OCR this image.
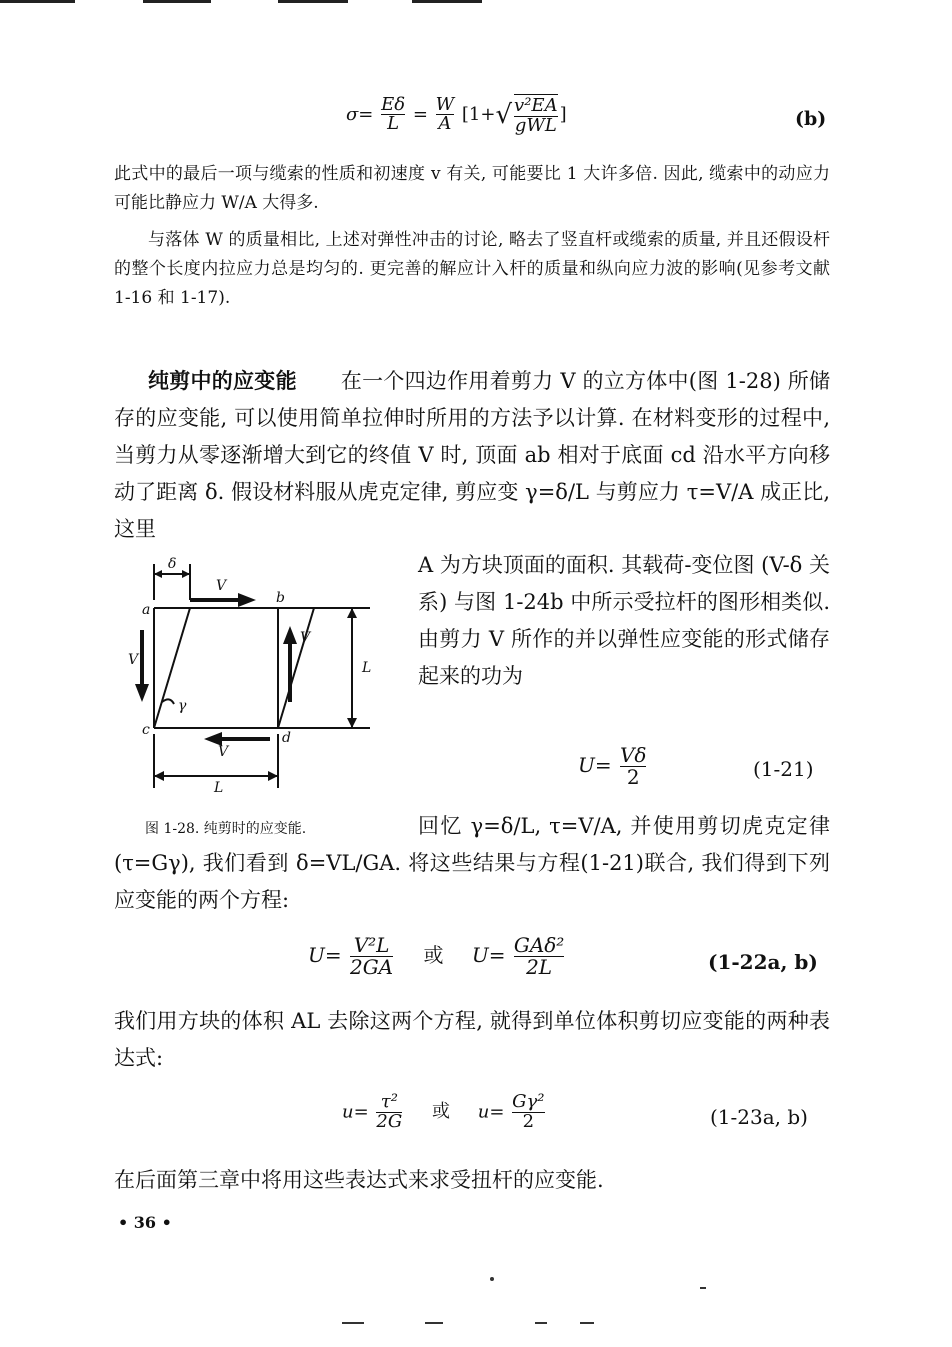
$\sigma= \frac{E\delta}{L} = \frac{W}{A} [1+√ \frac{\text{v²EA}}{\text{gWL}}$ ]	(b)

此式中的最后一项与缆索的性质和初速度 v 有关, 可能要比 1 大许多倍. 因此, 缆索中的动应力可能比静应力 W/A 大得多.

与落体 W 的质量相比, 上述对弹性冲击的讨论, 略去了竖直杆或缆索的质量, 并且还假设杆的整个长度内拉应力总是均匀的. 更完善的解应计入杆的质量和纵向应力波的影响(见参考文献 1-16 和 1-17).

纯剪中的应变能 在一个四边作用着剪力 V 的立方体中(图 1-28) 所储存的应变能, 可以使用简单拉伸时所用的方法予以计算. 在材料变形的过程中, 当剪力从零逐渐增大到它的终值 V 时, 顶面 ab 相对于底面 cd 沿水平方向移动了距离 δ. 假设材料服从虎克定律, 剪应变 γ=δ/L 与剪应力 τ=V/A 成正比, 这里

δ
V
a
b
V
V
γ
L
c	d
V
L
图 1-28. 纯剪时的应变能.

A 为方块顶面的面积. 其载荷-变位图 (V-δ 关系) 与图 1-24b 中所示受拉杆的图形相类似. 由剪力 V 所作的并以弹性应变能的形式储存起来的功为

$U= \frac{V\delta}{2}$	(1-21)

回忆 γ=δ/L, τ=V/A, 并使用剪切虎克定律(τ=Gγ), 我们看到 δ=VL/GA. 将这些结果与方程(1-21)联合, 我们得到下列应变能的两个方程:

$U= \frac{\text{V²L}}{2GA}$ 或 $U= \frac{\text{GAδ²}}{2L}$	(1-22a, b)

我们用方块的体积 AL 去除这两个方程, 就得到单位体积剪切应变能的两种表达式:

$u= \frac{\text{τ²}}{2G}$ 或 $u= \frac{\text{Gγ²}}{2}$	(1-23a, b)

在后面第三章中将用这些表达式来求受扭杆的应变能.

• 36 •
